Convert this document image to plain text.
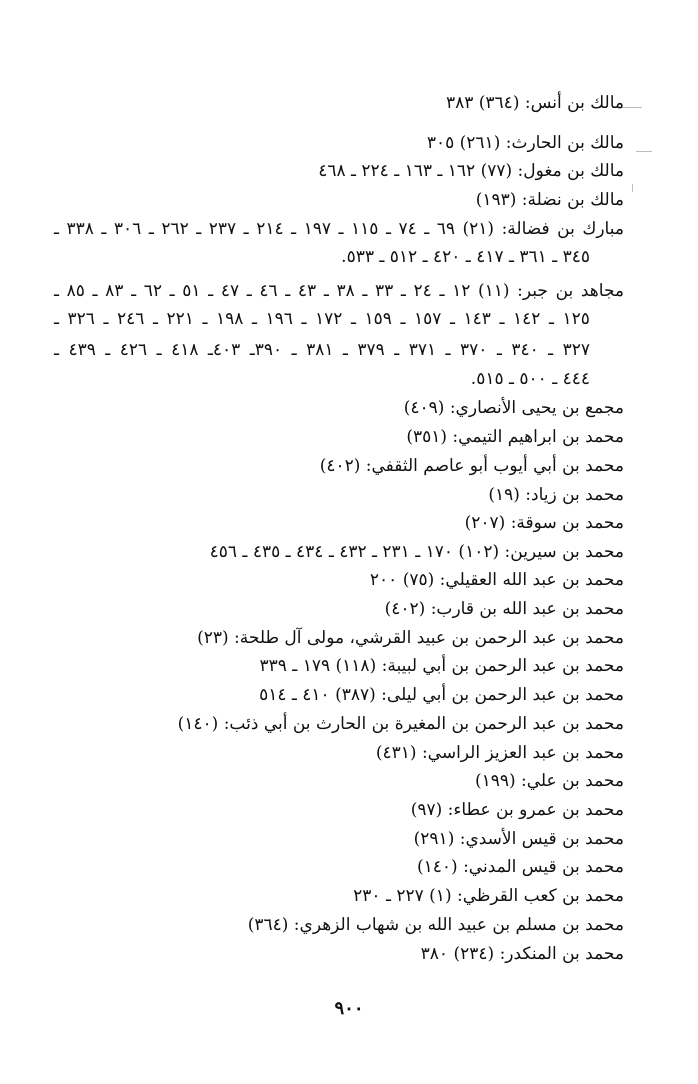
مالك بن أنس: (٣٦٤) ٣٨٣
مالك بن الحارث: (٢٦١) ٣٠٥
مالك بن مغول: (٧٧) ١٦٢ ـ ١٦٣ ـ ٢٢٤ ـ ٤٦٨
مالك بن نضلة: (١٩٣)
مبارك بن فضالة: (٢١) ٦٩ ـ ٧٤ ـ ١١٥ ـ ١٩٧ ـ ٢١٤ ـ ٢٣٧ ـ ٢٦٢ ـ ٣٠٦ ـ ٣٣٨ ـ
٣٤٥ ـ ٣٦١ ـ ٤١٧ ـ ٤٢٠ ـ ٥١٢ ـ ٥٣٣.
مجاهد بن جبر: (١١) ١٢ ـ ٢٤ ـ ٣٣ ـ ٣٨ ـ ٤٣ ـ ٤٦ ـ ٤٧ ـ ٥١ ـ ٦٢ ـ ٨٣ ـ ٨٥ ـ
١٢٥ ـ ١٤٢ ـ ١٤٣ ـ ١٥٧ ـ ١٥٩ ـ ١٧٢ ـ ١٩٦ ـ ١٩٨ ـ ٢٢١ ـ ٢٤٦ ـ ٣٢٦ ـ
٣٢٧ ـ ٣٤٠ ـ ٣٧٠ ـ ٣٧١ ـ ٣٧٩ ـ ٣٨١ ـ ٣٩٠ـ ٤٠٣ـ ٤١٨ ـ ٤٢٦ ـ ٤٣٩ ـ
٤٤٤ ـ ٥٠٠ ـ ٥١٥.
مجمع بن يحيى الأنصاري: (٤٠٩)
محمد بن ابراهيم التيمي: (٣٥١)
محمد بن أبي أيوب أبو عاصم الثقفي: (٤٠٢)
محمد بن زياد: (١٩)
محمد بن سوقة: (٢٠٧)
محمد بن سيرين: (١٠٢) ١٧٠ ـ ٢٣١ ـ ٤٣٢ ـ ٤٣٤ ـ ٤٣٥ ـ ٤٥٦
محمد بن عبد الله العقيلي: (٧٥) ٢٠٠
محمد بن عبد الله بن قارب: (٤٠٢)
محمد بن عبد الرحمن بن عبيد القرشي، مولى آل طلحة: (٢٣)
محمد بن عبد الرحمن بن أبي لبيبة: (١١٨) ١٧٩ ـ ٣٣٩
محمد بن عبد الرحمن بن أبي ليلى: (٣٨٧) ٤١٠ ـ ٥١٤
محمد بن عبد الرحمن بن المغيرة بن الحارث بن أبي ذئب: (١٤٠)
محمد بن عبد العزيز الراسي: (٤٣١)
محمد بن علي: (١٩٩)
محمد بن عمرو بن عطاء: (٩٧)
محمد بن قيس الأسدي: (٢٩١)
محمد بن قيس المدني: (١٤٠)
محمد بن كعب القرظي: (١) ٢٢٧ ـ ٢٣٠
محمد بن مسلم بن عبيد الله بن شهاب الزهري: (٣٦٤)
محمد بن المنكدر: (٢٣٤) ٣٨٠
٩٠٠
